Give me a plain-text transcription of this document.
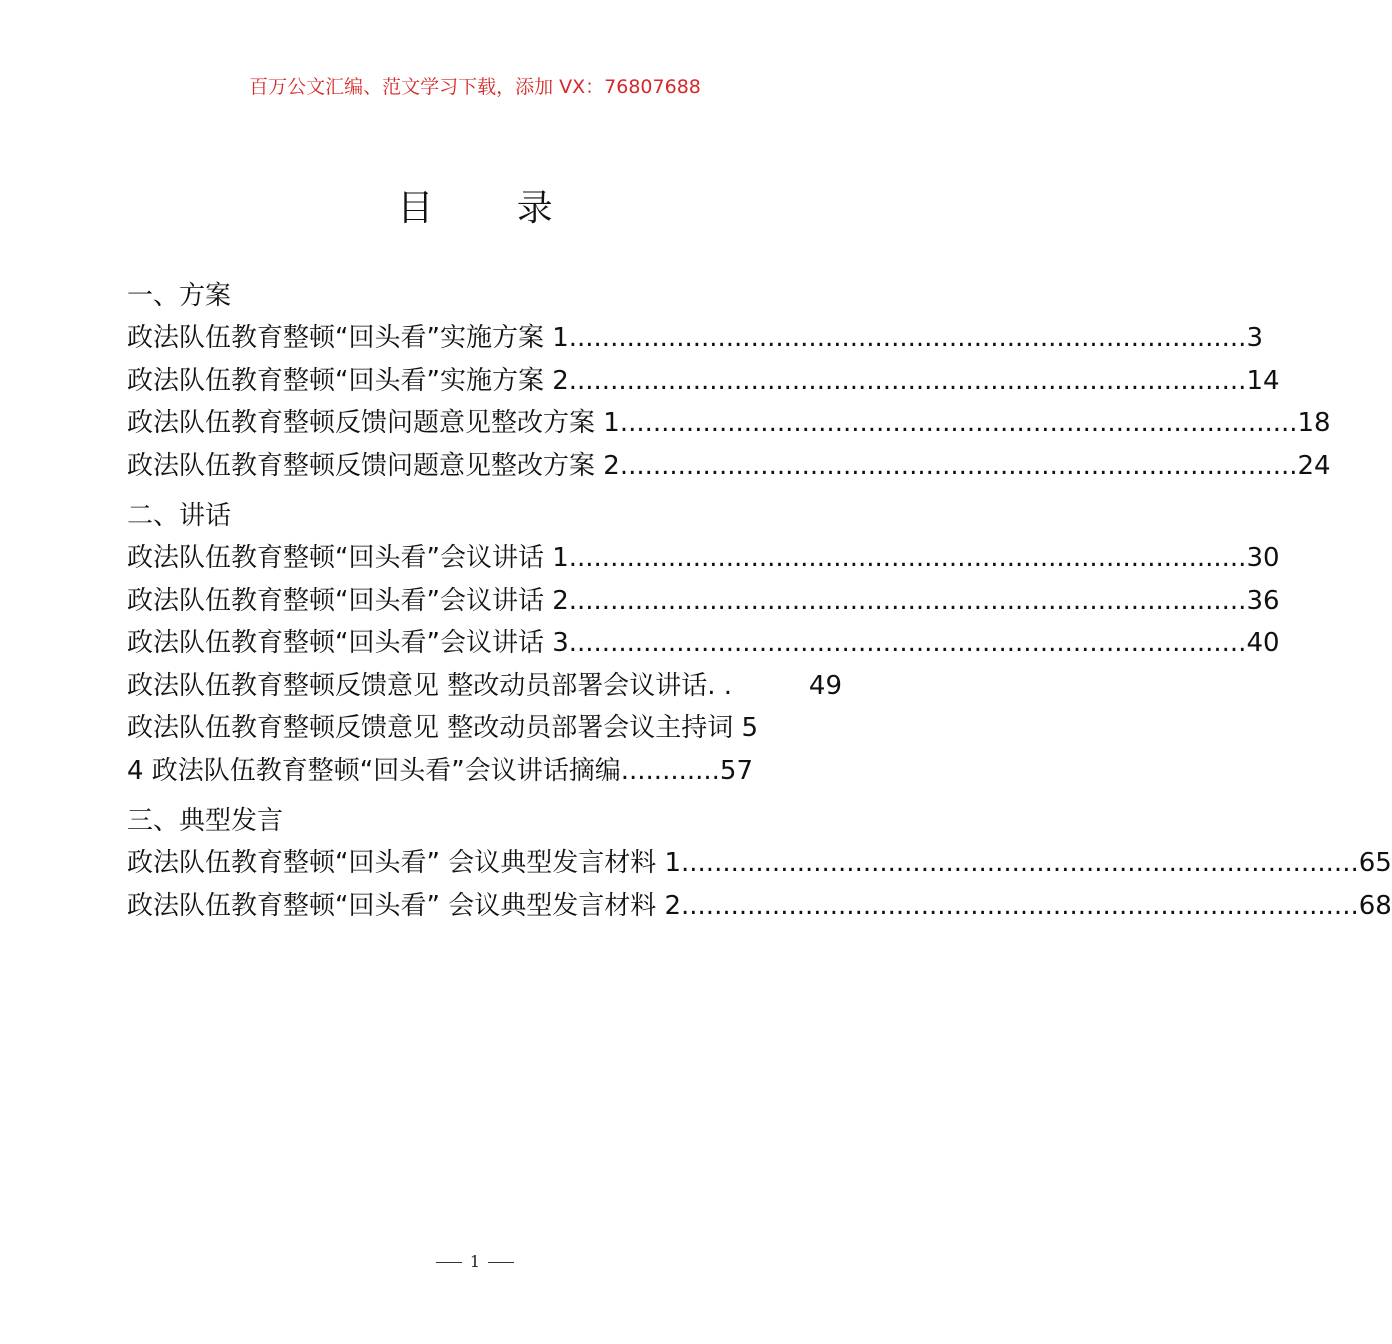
百万公文汇编、范文学习下载，添加 VX：76807688
目 录
一、方案
政法队伍教育整顿“回头看”实施方案 1 .................................................................................. 3
政法队伍教育整顿“回头看”实施方案 2 .................................................................................. 14
政法队伍教育整顿反馈问题意见整改方案 1 .................................................................................. 18
政法队伍教育整顿反馈问题意见整改方案 2 .................................................................................. 24
二、讲话
政法队伍教育整顿“回头看”会议讲话 1 .................................................................................. 30
政法队伍教育整顿“回头看”会议讲话 2 .................................................................................. 36
政法队伍教育整顿“回头看”会议讲话 3 .................................................................................. 40
政法队伍教育整顿反馈意见 整改动员部署会议讲话. .	49
政法队伍教育整顿反馈意见 整改动员部署会议主持词 5
4 政法队伍教育整顿“回头看”会议讲话摘编............57
三、典型发言
政法队伍教育整顿“回头看” 会议典型发言材料 1 .................................................................................. 65
政法队伍教育整顿“回头看” 会议典型发言材料 2 .................................................................................. 68
1
